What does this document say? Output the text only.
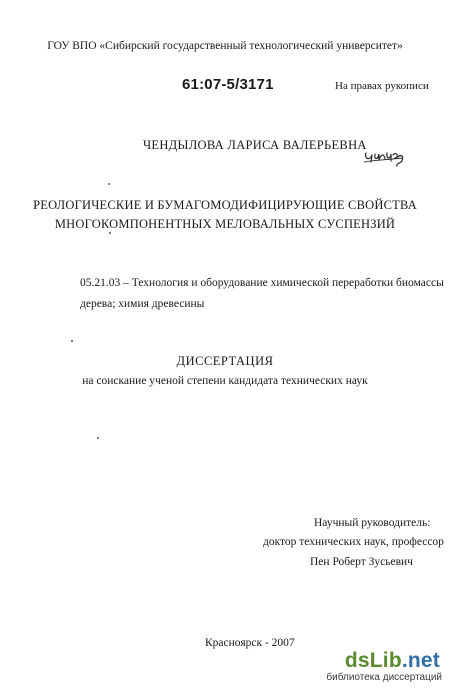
ГОУ ВПО «Сибирский государственный технологический университет»
61:07-5/3171	На правах рукописи
ЧЕНДЫЛОВА ЛАРИСА ВАЛЕРЬЕВНА
РЕОЛОГИЧЕСКИЕ И БУМАГОМОДИФИЦИРУЮЩИЕ СВОЙСТВА
МНОГОКОМПОНЕНТНЫХ МЕЛОВАЛЬНЫХ СУСПЕНЗИЙ
05.21.03 – Технология и оборудование химической переработки биомассы
дерева; химия древесины
ДИССЕРТАЦИЯ
на соискание ученой степени кандидата технических наук
Научный руководитель:
доктор технических наук, профессор
Пен Роберт Зусьевич
Красноярск - 2007
dsLib.net
библиотека диссертаций
